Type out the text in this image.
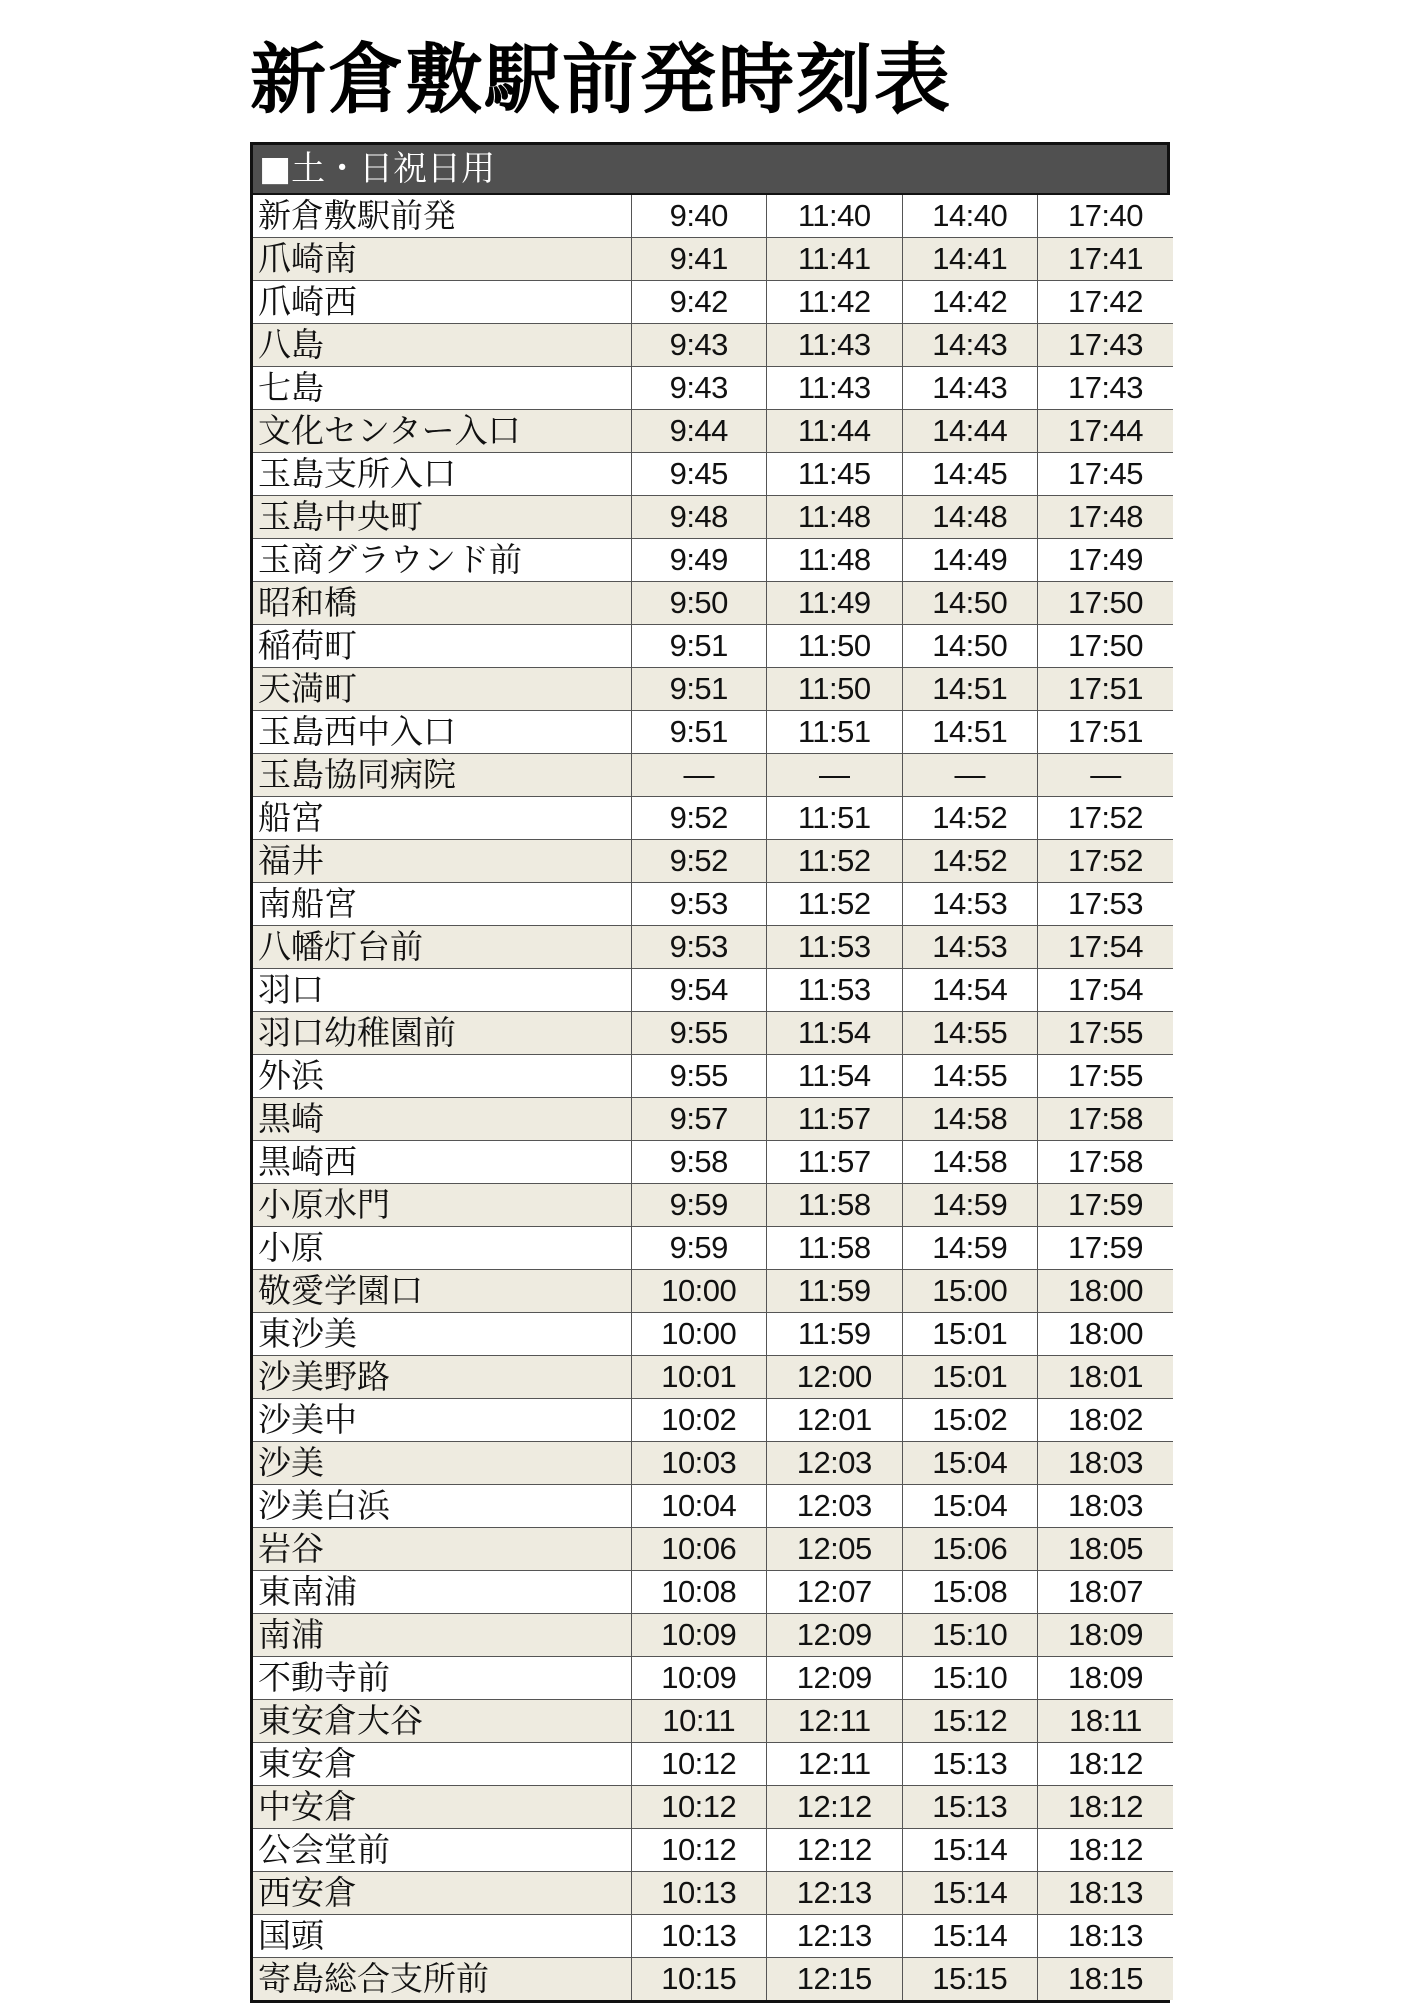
新倉敷駅前発時刻表
■土・日祝日用
新倉敷駅前発	9:40	11:40	14:40	17:40
爪崎南	9:41	11:41	14:41	17:41
爪崎西	9:42	11:42	14:42	17:42
八島	9:43	11:43	14:43	17:43
七島	9:43	11:43	14:43	17:43
文化センター入口	9:44	11:44	14:44	17:44
玉島支所入口	9:45	11:45	14:45	17:45
玉島中央町	9:48	11:48	14:48	17:48
玉商グラウンド前	9:49	11:48	14:49	17:49
昭和橋	9:50	11:49	14:50	17:50
稲荷町	9:51	11:50	14:50	17:50
天満町	9:51	11:50	14:51	17:51
玉島西中入口	9:51	11:51	14:51	17:51
玉島協同病院	—	—	—	—
船宮	9:52	11:51	14:52	17:52
福井	9:52	11:52	14:52	17:52
南船宮	9:53	11:52	14:53	17:53
八幡灯台前	9:53	11:53	14:53	17:54
羽口	9:54	11:53	14:54	17:54
羽口幼稚園前	9:55	11:54	14:55	17:55
外浜	9:55	11:54	14:55	17:55
黒崎	9:57	11:57	14:58	17:58
黒崎西	9:58	11:57	14:58	17:58
小原水門	9:59	11:58	14:59	17:59
小原	9:59	11:58	14:59	17:59
敬愛学園口	10:00	11:59	15:00	18:00
東沙美	10:00	11:59	15:01	18:00
沙美野路	10:01	12:00	15:01	18:01
沙美中	10:02	12:01	15:02	18:02
沙美	10:03	12:03	15:04	18:03
沙美白浜	10:04	12:03	15:04	18:03
岩谷	10:06	12:05	15:06	18:05
東南浦	10:08	12:07	15:08	18:07
南浦	10:09	12:09	15:10	18:09
不動寺前	10:09	12:09	15:10	18:09
東安倉大谷	10:11	12:11	15:12	18:11
東安倉	10:12	12:11	15:13	18:12
中安倉	10:12	12:12	15:13	18:12
公会堂前	10:12	12:12	15:14	18:12
西安倉	10:13	12:13	15:14	18:13
国頭	10:13	12:13	15:14	18:13
寄島総合支所前	10:15	12:15	15:15	18:15
